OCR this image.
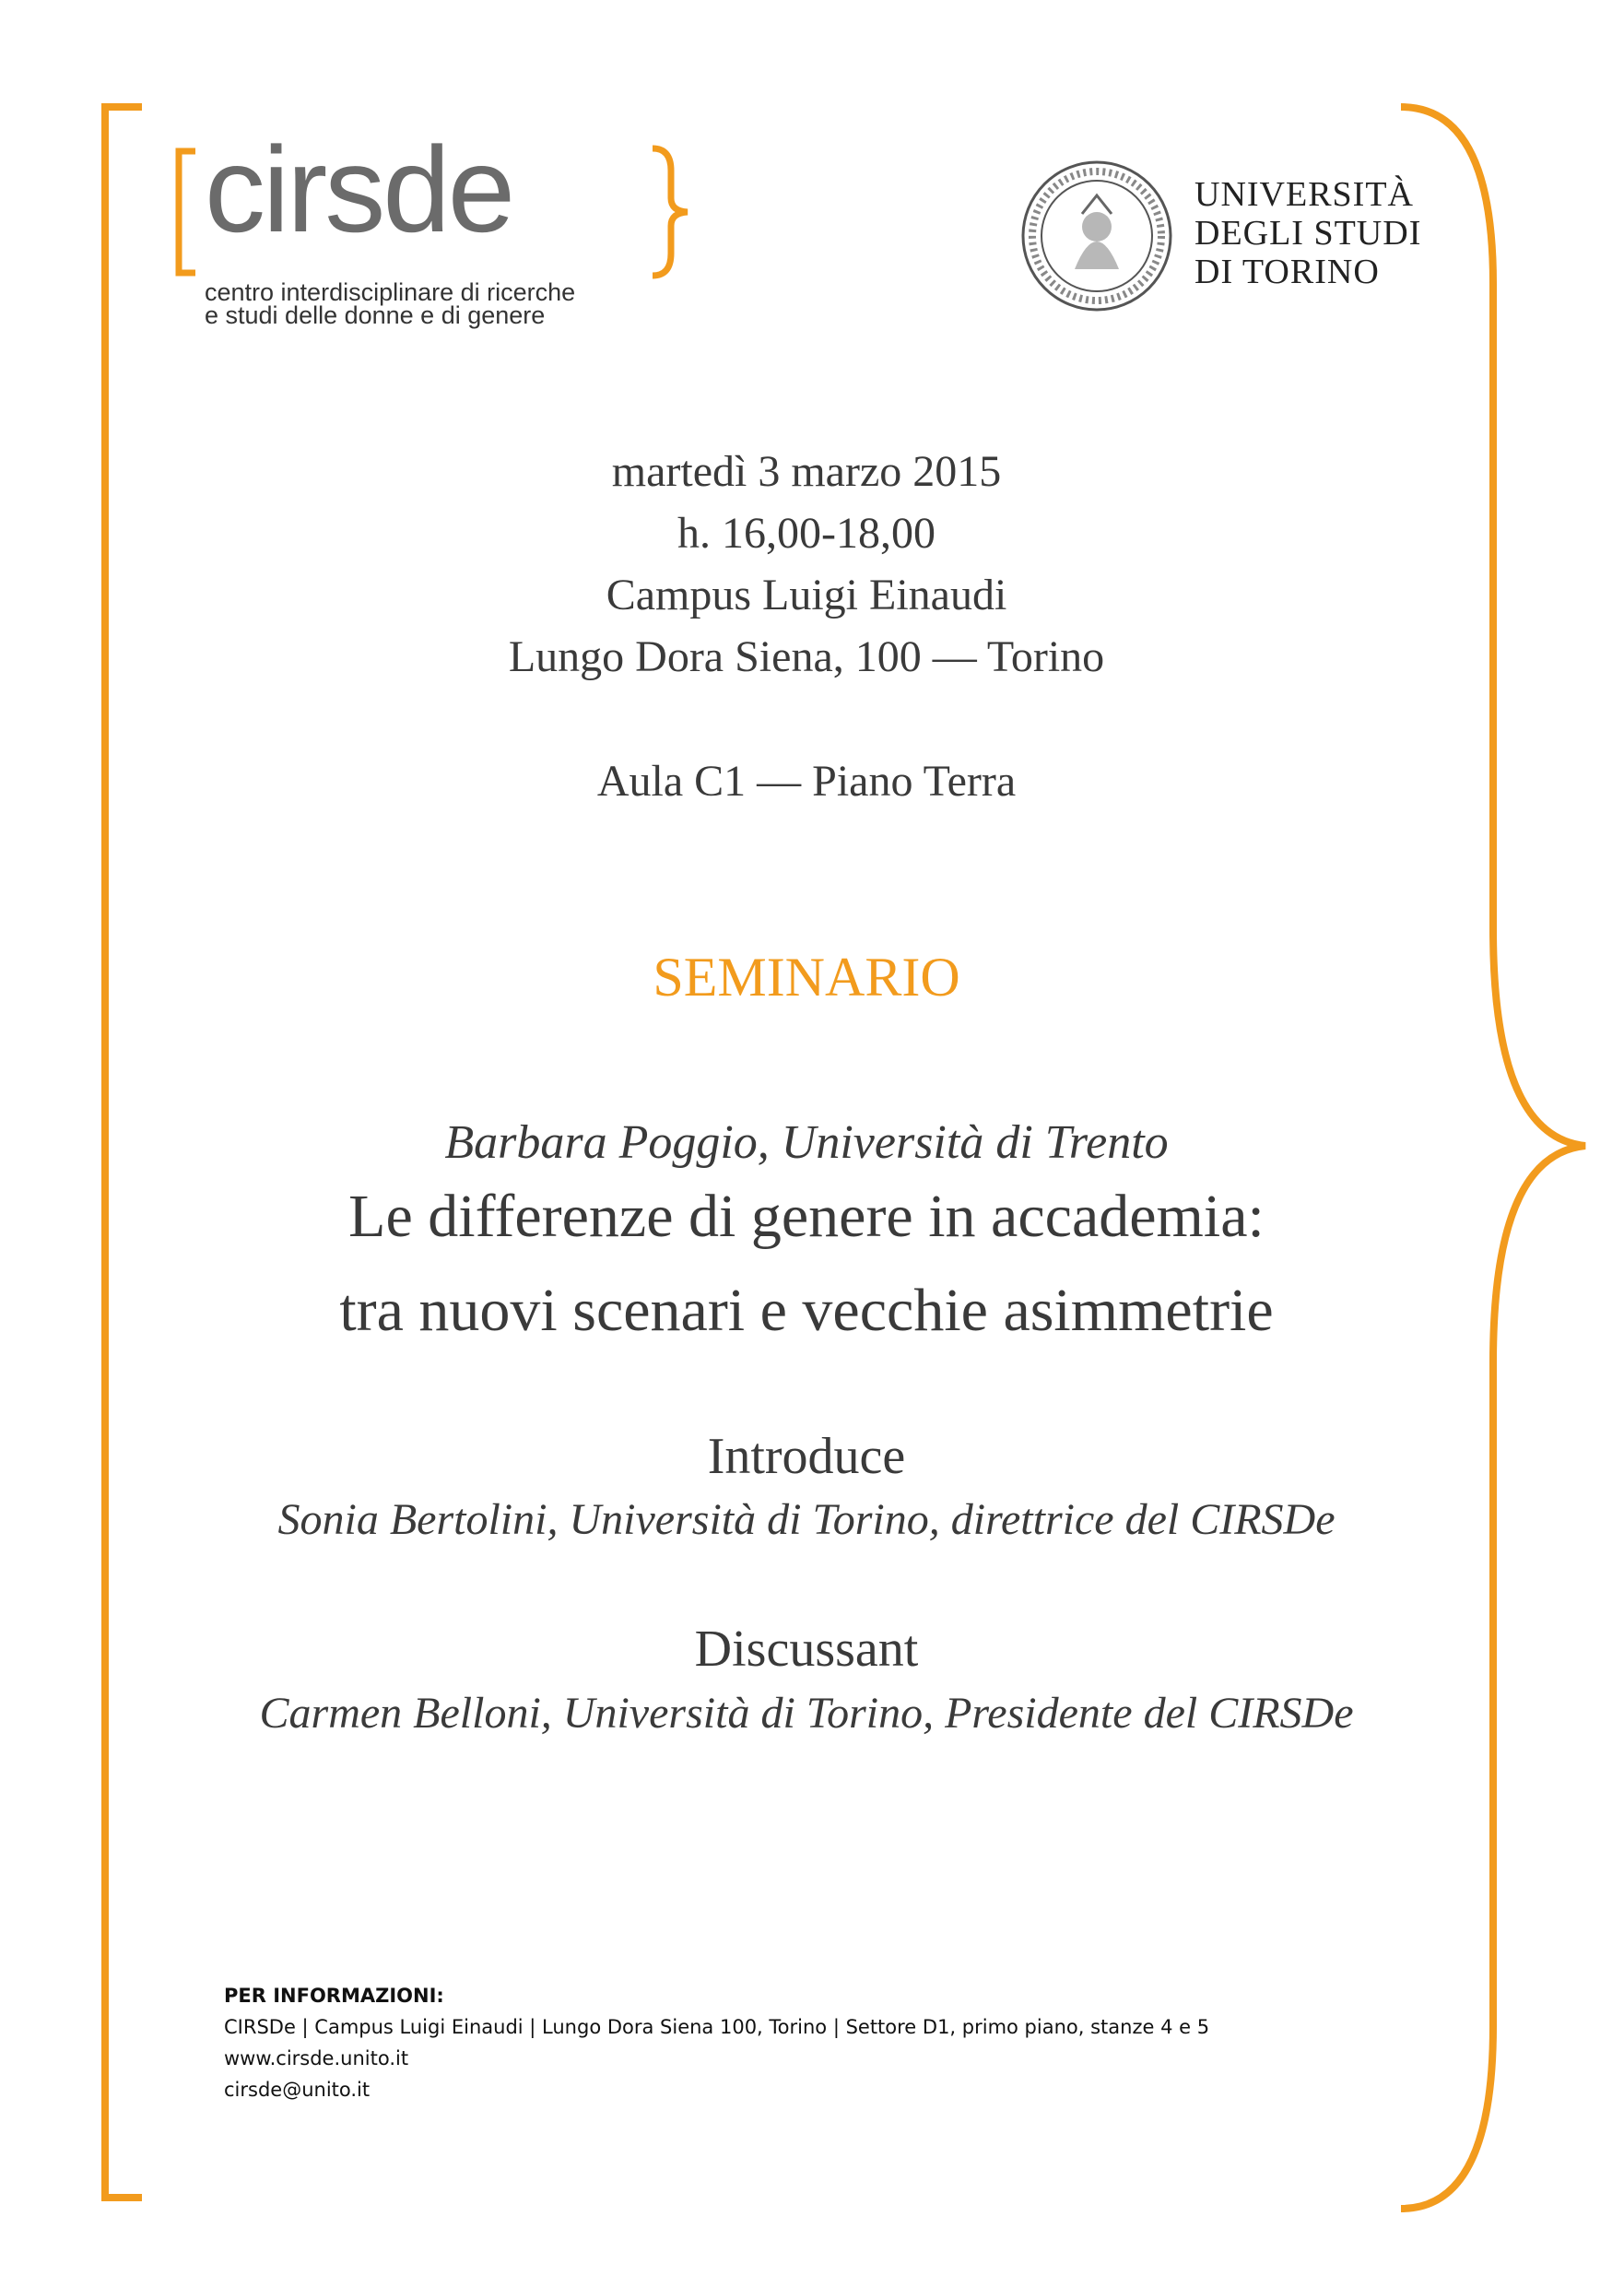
cirsde
centro interdisciplinare di ricerche
e studi delle donne e di genere
UNIVERSITÀ
DEGLI STUDI
DI TORINO
martedì 3 marzo 2015
h. 16,00-18,00
Campus Luigi Einaudi
Lungo Dora Siena, 100 — Torino
Aula C1 — Piano Terra
SEMINARIO
Barbara Poggio, Università di Trento
Le differenze di genere in accademia:
tra nuovi scenari e vecchie asimmetrie
Introduce
Sonia Bertolini, Università di Torino, direttrice del CIRSDe
Discussant
Carmen Belloni, Università di Torino, Presidente del CIRSDe
PER INFORMAZIONI:
CIRSDe | Campus Luigi Einaudi | Lungo Dora Siena 100, Torino | Settore D1, primo piano, stanze 4 e 5
www.cirsde.unito.it
cirsde@unito.it
